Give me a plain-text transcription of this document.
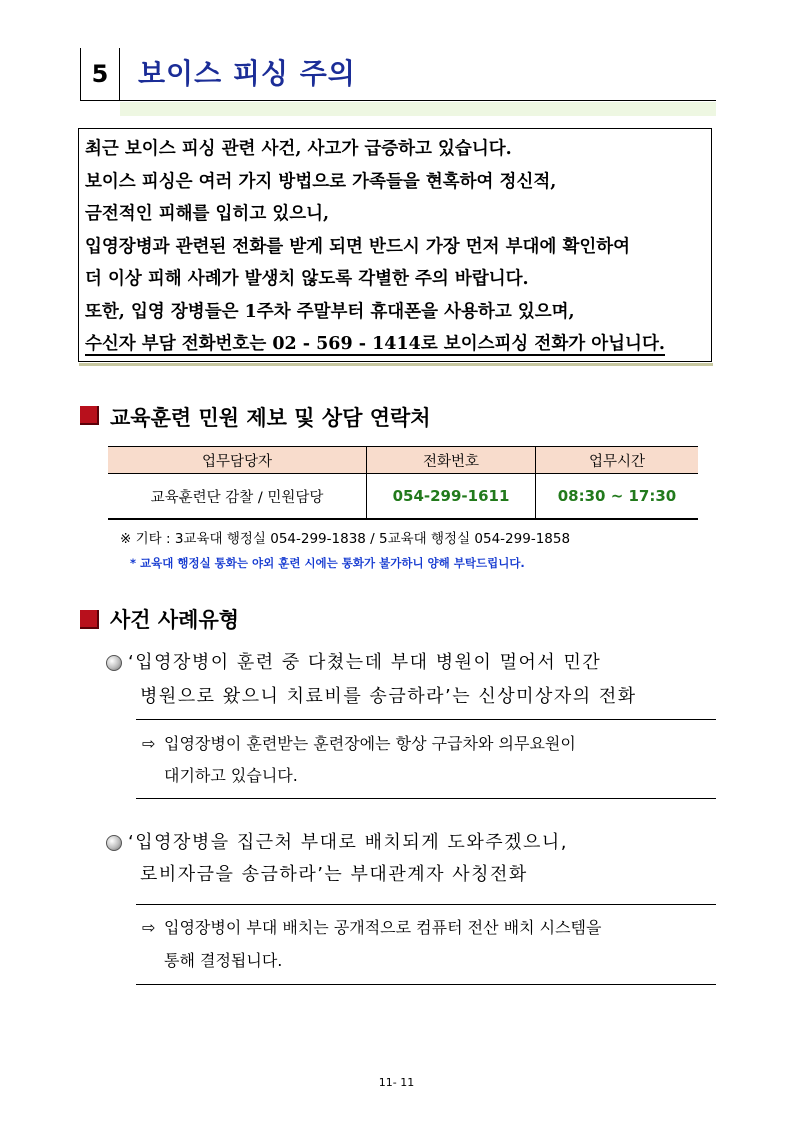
5	보이스 피싱 주의
최근 보이스 피싱 관련 사건, 사고가 급증하고 있습니다.
보이스 피싱은 여러 가지 방법으로 가족들을 현혹하여 정신적,
금전적인 피해를 입히고 있으니,
입영장병과 관련된 전화를 받게 되면 반드시 가장 먼저 부대에 확인하여
더 이상 피해 사례가 발생치 않도록 각별한 주의 바랍니다.
또한, 입영 장병들은 1주차 주말부터 휴대폰을 사용하고 있으며,
수신자 부담 전화번호는 02 - 569 - 1414로 보이스피싱 전화가 아닙니다.
교육훈련 민원 제보 및 상담 연락처
업무담당자	전화번호	업무시간
교육훈련단 감찰 / 민원담당	054-299-1611	08:30 ~ 17:30
※ 기타 : 3교육대 행정실 054-299-1838 / 5교육대 행정실 054-299-1858
* 교육대 행정실 통화는 야외 훈련 시에는 통화가 불가하니 양해 부탁드립니다.
사건 사례유형
‘입영장병이 훈련 중 다쳤는데 부대 병원이 멀어서 민간
병원으로 왔으니 치료비를 송금하라’는 신상미상자의 전화
⇨ 입영장병이 훈련받는 훈련장에는 항상 구급차와 의무요원이
대기하고 있습니다.
‘입영장병을 집근처 부대로 배치되게 도와주겠으니,
로비자금을 송금하라’는 부대관계자 사칭전화
⇨ 입영장병이 부대 배치는 공개적으로 컴퓨터 전산 배치 시스템을
통해 결정됩니다.
11- 11
